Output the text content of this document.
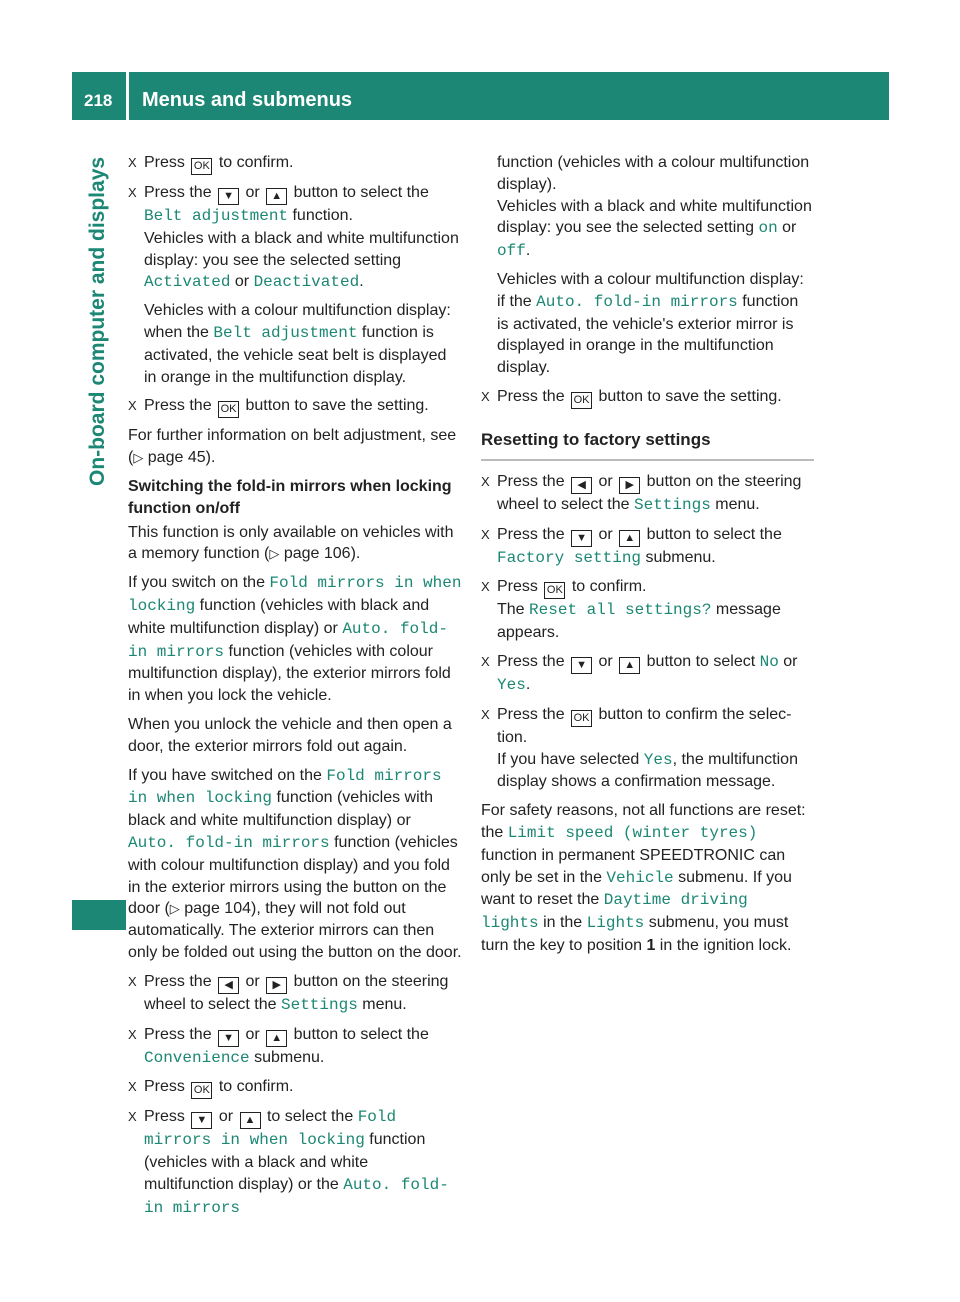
218 Menus and submenus
On-board computer and displays X Press OK to confirm.
X Press the ▼ or ▲ button to select the Belt adjustment function.
Vehicles with a black and white multifunction display: you see the selected setting Activated or Deactivated.
Vehicles with a colour multifunction display: when the Belt adjustment function is activated, the vehicle seat belt is displayed in orange in the multifunction display.
X Press the OK button to save the setting.

For further information on belt adjustment, see (▷ page 45).

Switching the fold-in mirrors when locking function on/off

This function is only available on vehicles with a memory function (▷ page 106).

If you switch on the Fold mirrors in when locking function (vehicles with black and white multifunction display) or Auto. fold-in mirrors function (vehicles with colour multifunction display), the exterior mirrors fold in when you lock the vehicle.

When you unlock the vehicle and then open a door, the exterior mirrors fold out again.

If you have switched on the Fold mirrors in when locking function (vehicles with black and white multifunction display) or Auto. fold-in mirrors function (vehicles with colour multifunction display) and you fold in the exterior mirrors using the button on the door (▷ page 104), they will not fold out automatically. The exterior mirrors can then only be folded out using the button on the door.

X Press the ◀ or ▶ button on the steering wheel to select the Settings menu.
X Press the ▼ or ▲ button to select the Convenience submenu.
X Press OK to confirm.
X Press ▼ or ▲ to select the Fold mirrors in when locking function (vehicles with a black and white multifunction display) or the Auto. fold-in mirrors
function (vehicles with a colour multifunction display).
Vehicles with a black and white multifunction display: you see the selected setting on or off.
Vehicles with a colour multifunction display: if the Auto. fold-in mirrors function is activated, the vehicle's exterior mirror is displayed in orange in the multifunction display.
X Press the OK button to save the setting.
Resetting to factory settings
X Press the ◀ or ▶ button on the steering wheel to select the Settings menu.
X Press the ▼ or ▲ button to select the Factory setting submenu.
X Press OK to confirm.
The Reset all settings? message appears.
X Press the ▼ or ▲ button to select No or Yes.
X Press the OK button to confirm the selection.
If you have selected Yes, the multifunction display shows a confirmation message.

For safety reasons, not all functions are reset: the Limit speed (winter tyres) function in permanent SPEEDTRONIC can only be set in the Vehicle submenu. If you want to reset the Daytime driving lights in the Lights submenu, you must turn the key to position 1 in the ignition lock.
